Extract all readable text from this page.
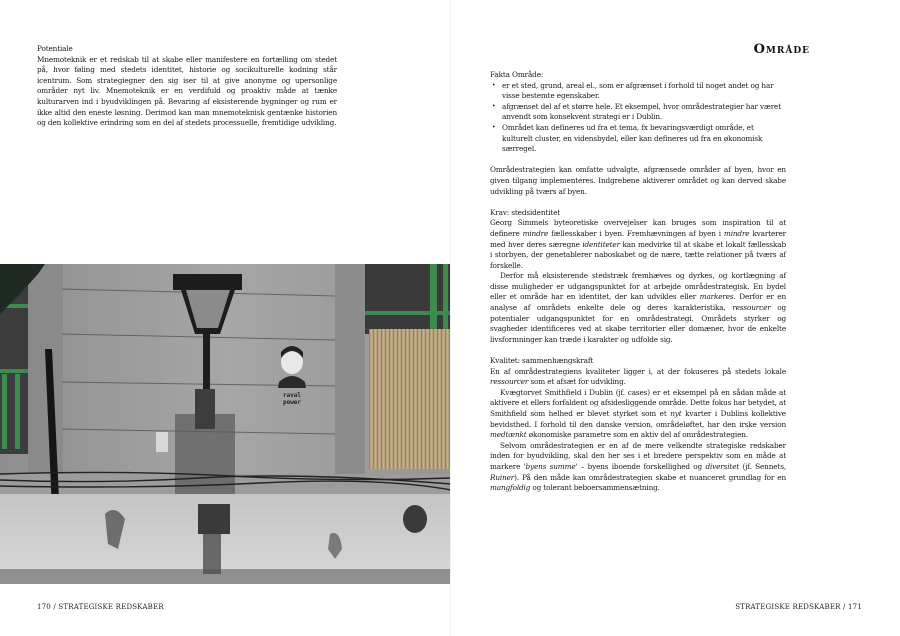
Potentiale

Mnemoteknik er et redskab til at skabe eller manifestere en fortælling om stedet på, hvor føling med stedets identitet, historie og socikulturelle kodning står icentrum. Som strategiegner den sig iser til at give anonyme og upersonlige områder nyt liv. Mnemoteknik er en verdifuld og proaktiv måde at tænke kulturarven ind i byudviklingen på. Bevaring af eksisterende bygninger og rum er ikke altid den eneste løsning. Derimod kan man mnemoteknisk gentænke historien og den kollektive erindring som en del af stedets processuelle, fremtidige udvikling.

raval
power
170 / STRATEGISKE REDSKABER
Område

Fakta Område:

• er et sted, grund, areal el., som er afgrænset i forhold til noget andet og har visse bestemte egenskaber.
• afgrænset del af et større hele. Et eksempel, hvor områdestrategier har været anvendt som konsekvent strategi er i Dublin.
• Området kan defineres ud fra et tema, fx bevaringsværdigt område, et kulturelt cluster, en vidensbydel, eller kan defineres ud fra en økonomisk særregel.

Områdestrategien kan omfatte udvalgte, afgrænsede områder af byen, hvor en given tilgang implementeres. Indgrebene aktiverer området og kan derved skabe udvikling på tværs af byen.

Krav: stedsidentitet

Georg Simmels byteoretiske overvejelser kan bruges som inspiration til at definere mindre fællesskaber i byen. Fremhævningen af byen i mindre kvarterer med hver deres særegne identiteter kan medvirke til at skabe et lokalt fællesskab i storbyen, der genetablerer naboskabet og de nære, tætte relationer på tværs af forskelle.

Derfor må eksisterende stedstræk fremhæves og dyrkes, og kortlægning af disse muligheder er udgangspunktet for at arbejde områdestrategisk. En bydel eller et område har en identitet, der kan udvikles eller markeres. Derfor er en analyse af områdets enkelte dele og deres karakteristika, ressourcer og potentialer udgangspunktet for en områdestrategi. Områdets styrker og svagheder identificeres ved at skabe territorier eller domæner, hvor de enkelte livsformninger kan træde i karakter og udfolde sig.

Kvalitet: sammenhængskraft

En af områdestrategiens kvaliteter ligger i, at der fokuseres på stedets lokale ressourcer som et afsæt for udvikling.

Kvægtorvet Smithfield i Dublin (jf. cases) er et eksempel på en sådan måde at aktivere et ellers forfaldent og afsidesliggende område. Dette fokus har betydet, at Smithfield som helhed er blevet styrket som et nyt kvarter i Dublins kollektive bevidsthed. I forhold til den danske version, områdeløftet, har den irske version medtænkt økonomiske parametre som en aktiv del af områdestrategien.

Selvom områdestrategien er en af de mere velkendte strategiske redskaber inden for byudvikling, skal den her ses i et bredere perspektiv som en måde at markere 'byens summe' – byens iboende forskellighed og diversitet (jf. Sennets, Ruiner). På den måde kan områdestrategien skabe et nuanceret grundlag for en mangfoldig og tolerant beboersammensætning.

STRATEGISKE REDSKABER / 171
